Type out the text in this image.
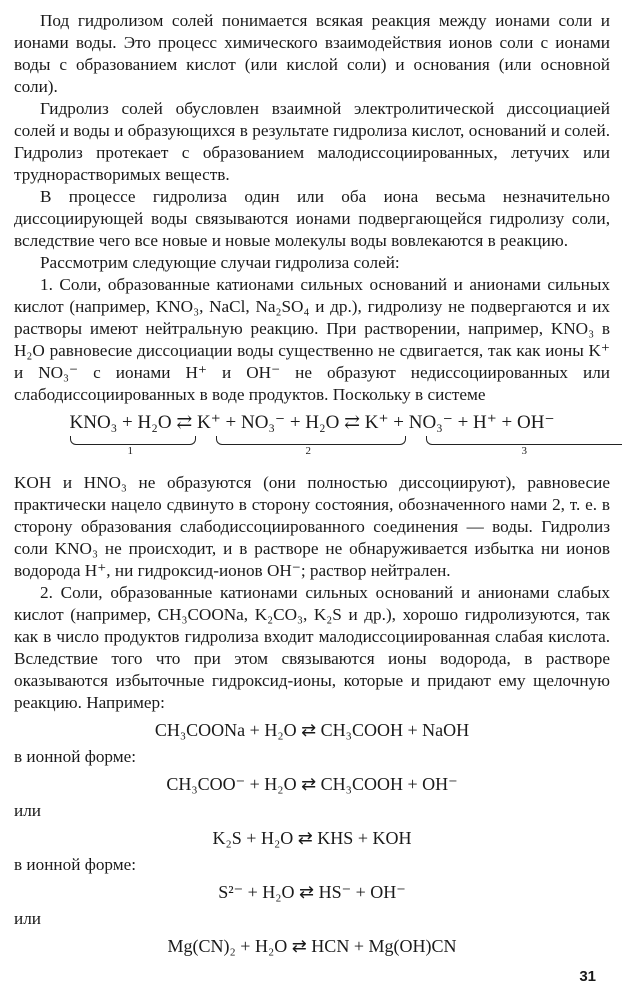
Под гидролизом солей понимается всякая реакция между ионами соли и ионами воды. Это процесс химического взаимодействия ионов соли с ионами воды с образованием кислот (или кислой соли) и основания (или основной соли).

Гидролиз солей обусловлен взаимной электролитической диссоциацией солей и воды и образующихся в результате гидролиза кислот, оснований и солей. Гидролиз протекает с образованием малодиссоциированных, летучих или труднорастворимых веществ.

В процессе гидролиза один или оба иона весьма незначительно диссоциирующей воды связываются ионами подвергающейся гидролизу соли, вследствие чего все новые и новые молекулы воды вовлекаются в реакцию.

Рассмотрим следующие случаи гидролиза солей:

1. Соли, образованные катионами сильных оснований и анионами сильных кислот (например, KNO₃, NaCl, Na₂SO₄ и др.), гидролизу не подвергаются и их растворы имеют нейтральную реакцию. При растворении, например, KNO₃ в H₂O равновесие диссоциации воды существенно не сдвигается, так как ионы K⁺ и NO₃⁻ с ионами H⁺ и OH⁻ не образуют недиссоциированных или слабодиссоциированных в воде продуктов. Поскольку в системе

KNO₃ + H₂O ⇄ K⁺ + NO₃⁻ + H₂O ⇄ K⁺ + NO₃⁻ + H⁺ + OH⁻
1	2	3

KOH и HNO₃ не образуются (они полностью диссоциируют), равновесие практически нацело сдвинуто в сторону состояния, обозначенного нами 2, т. е. в сторону образования слабодиссоциированного соединения — воды. Гидролиз соли KNO₃ не происходит, и в растворе не обнаруживается избытка ни ионов водорода H⁺, ни гидроксид-ионов OH⁻; раствор нейтрален.

2. Соли, образованные катионами сильных оснований и анионами слабых кислот (например, CH₃COONa, K₂CO₃, K₂S и др.), хорошо гидролизуются, так как в число продуктов гидролиза входит малодиссоциированная слабая кислота. Вследствие того что при этом связываются ионы водорода, в растворе оказываются избыточные гидроксид-ионы, которые и придают ему щелочную реакцию. Например:

CH₃COONa + H₂O ⇄ CH₃COOH + NaOH

в ионной форме:

CH₃COO⁻ + H₂O ⇄ CH₃COOH + OH⁻

или

K₂S + H₂O ⇄ KHS + KOH

в ионной форме:

S²⁻ + H₂O ⇄ HS⁻ + OH⁻

или

Mg(CN)₂ + H₂O ⇄ HCN + Mg(OH)CN
31
